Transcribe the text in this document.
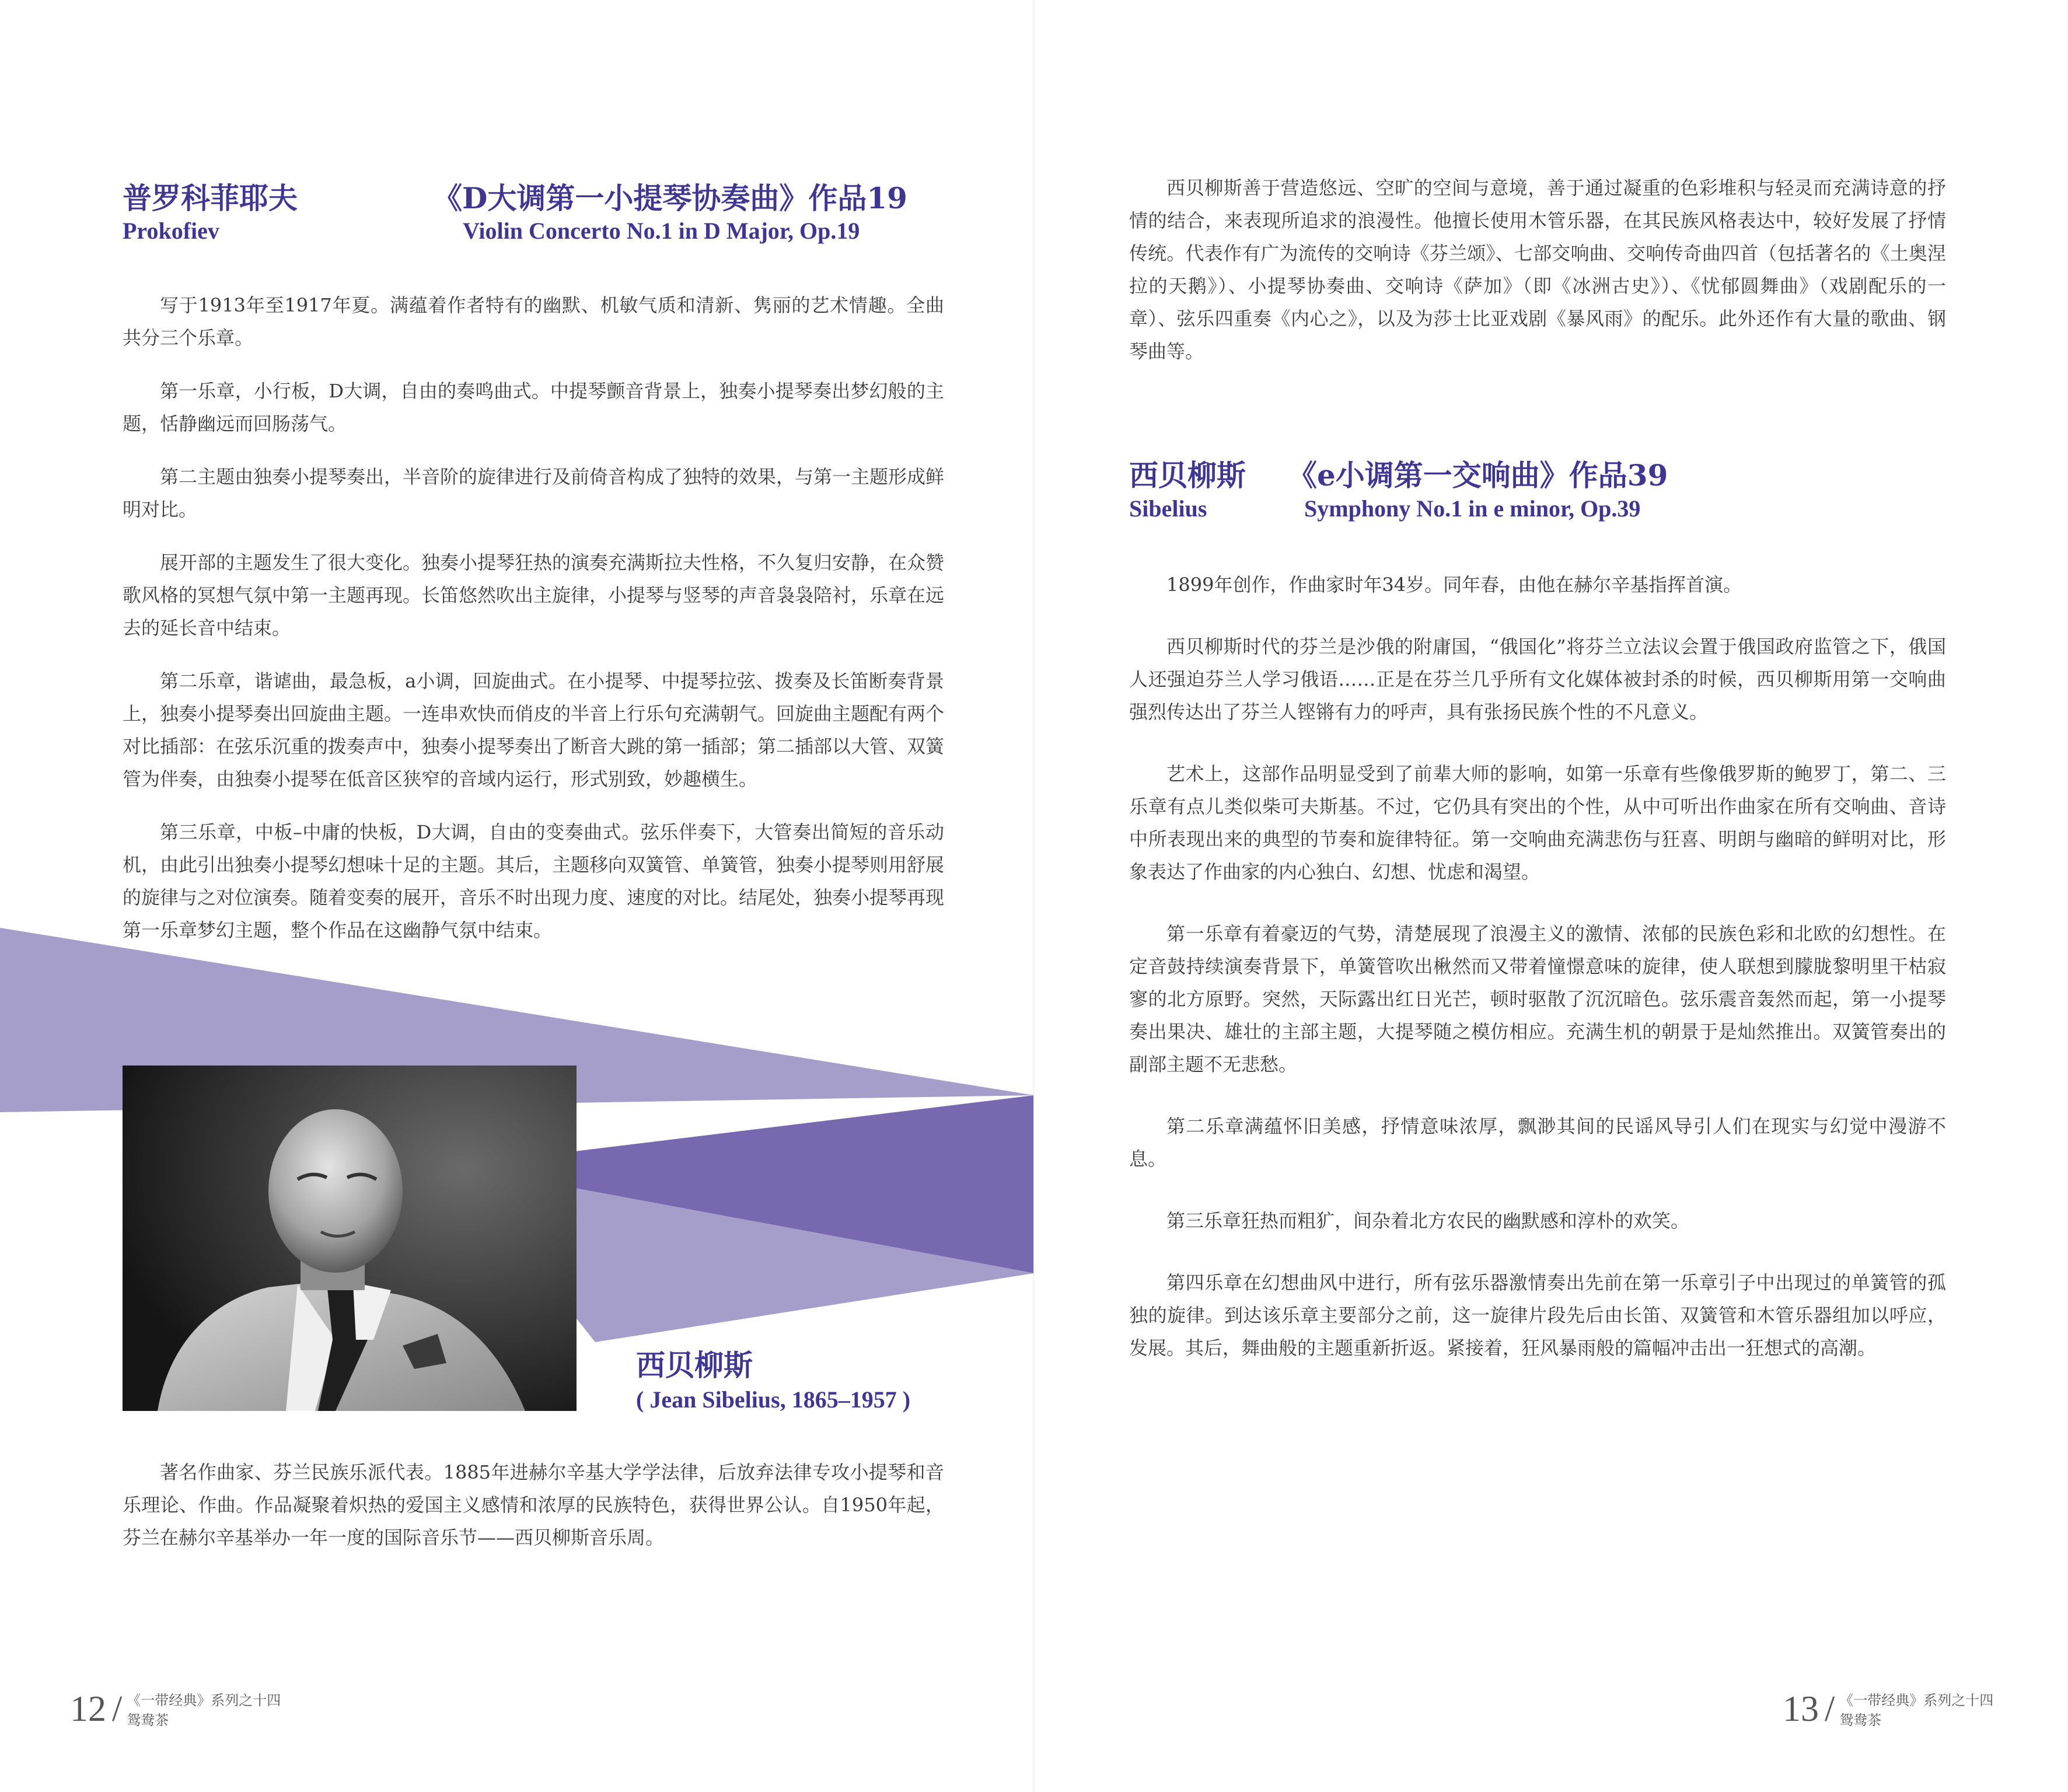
普罗科菲耶夫	《D大调第一小提琴协奏曲》作品19
Prokofiev	Violin Concerto No.1 in D Major, Op.19

写于1913年至1917年夏。满蕴着作者特有的幽默、机敏气质和清新、隽丽的艺术情趣。全曲共分三个乐章。

第一乐章，小行板，D大调，自由的奏鸣曲式。中提琴颤音背景上，独奏小提琴奏出梦幻般的主题，恬静幽远而回肠荡气。

第二主题由独奏小提琴奏出，半音阶的旋律进行及前倚音构成了独特的效果，与第一主题形成鲜明对比。

展开部的主题发生了很大变化。独奏小提琴狂热的演奏充满斯拉夫性格，不久复归安静，在众赞歌风格的冥想气氛中第一主题再现。长笛悠然吹出主旋律，小提琴与竖琴的声音袅袅陪衬，乐章在远去的延长音中结束。

第二乐章，谐谑曲，最急板，a小调，回旋曲式。在小提琴、中提琴拉弦、拨奏及长笛断奏背景上，独奏小提琴奏出回旋曲主题。一连串欢快而俏皮的半音上行乐句充满朝气。回旋曲主题配有两个对比插部：在弦乐沉重的拨奏声中，独奏小提琴奏出了断音大跳的第一插部；第二插部以大管、双簧管为伴奏，由独奏小提琴在低音区狭窄的音域内运行，形式别致，妙趣横生。

第三乐章，中板–中庸的快板，D大调，自由的变奏曲式。弦乐伴奏下，大管奏出简短的音乐动机，由此引出独奏小提琴幻想味十足的主题。其后，主题移向双簧管、单簧管，独奏小提琴则用舒展的旋律与之对位演奏。随着变奏的展开，音乐不时出现力度、速度的对比。结尾处，独奏小提琴再现第一乐章梦幻主题，整个作品在这幽静气氛中结束。

西贝柳斯
( Jean Sibelius, 1865–1957 )

著名作曲家、芬兰民族乐派代表。1885年进赫尔辛基大学学法律，后放弃法律专攻小提琴和音乐理论、作曲。作品凝聚着炽热的爱国主义感情和浓厚的民族特色，获得世界公认。自1950年起，芬兰在赫尔辛基举办一年一度的国际音乐节——西贝柳斯音乐周。

12 / 《一带经典》系列之十四
鸳鸯茶

西贝柳斯善于营造悠远、空旷的空间与意境，善于通过凝重的色彩堆积与轻灵而充满诗意的抒情的结合，来表现所追求的浪漫性。他擅长使用木管乐器，在其民族风格表达中，较好发展了抒情传统。代表作有广为流传的交响诗《芬兰颂》、七部交响曲、交响传奇曲四首（包括著名的《土奥涅拉的天鹅》）、小提琴协奏曲、交响诗《萨加》（即《冰洲古史》）、《忧郁圆舞曲》（戏剧配乐的一章）、弦乐四重奏《内心之》，以及为莎士比亚戏剧《暴风雨》的配乐。此外还作有大量的歌曲、钢琴曲等。

西贝柳斯 《e小调第一交响曲》作品39
Sibelius	Symphony No.1 in e minor, Op.39

1899年创作，作曲家时年34岁。同年春，由他在赫尔辛基指挥首演。

西贝柳斯时代的芬兰是沙俄的附庸国，“俄国化”将芬兰立法议会置于俄国政府监管之下，俄国人还强迫芬兰人学习俄语……正是在芬兰几乎所有文化媒体被封杀的时候，西贝柳斯用第一交响曲强烈传达出了芬兰人铿锵有力的呼声，具有张扬民族个性的不凡意义。

艺术上，这部作品明显受到了前辈大师的影响，如第一乐章有些像俄罗斯的鲍罗丁，第二、三乐章有点儿类似柴可夫斯基。不过，它仍具有突出的个性，从中可听出作曲家在所有交响曲、音诗中所表现出来的典型的节奏和旋律特征。第一交响曲充满悲伤与狂喜、明朗与幽暗的鲜明对比，形象表达了作曲家的内心独白、幻想、忧虑和渴望。

第一乐章有着豪迈的气势，清楚展现了浪漫主义的激情、浓郁的民族色彩和北欧的幻想性。在定音鼓持续演奏背景下，单簧管吹出楸然而又带着憧憬意味的旋律，使人联想到朦胧黎明里干枯寂寥的北方原野。突然，天际露出红日光芒，顿时驱散了沉沉暗色。弦乐震音轰然而起，第一小提琴奏出果决、雄壮的主部主题，大提琴随之模仿相应。充满生机的朝景于是灿然推出。双簧管奏出的副部主题不无悲愁。

第二乐章满蕴怀旧美感，抒情意味浓厚，飘渺其间的民谣风导引人们在现实与幻觉中漫游不息。

第三乐章狂热而粗犷，间杂着北方农民的幽默感和淳朴的欢笑。

第四乐章在幻想曲风中进行，所有弦乐器激情奏出先前在第一乐章引子中出现过的单簧管的孤独的旋律。到达该乐章主要部分之前，这一旋律片段先后由长笛、双簧管和木管乐器组加以呼应，发展。其后，舞曲般的主题重新折返。紧接着，狂风暴雨般的篇幅冲击出一狂想式的高潮。

13 / 《一带经典》系列之十四
鸳鸯茶
